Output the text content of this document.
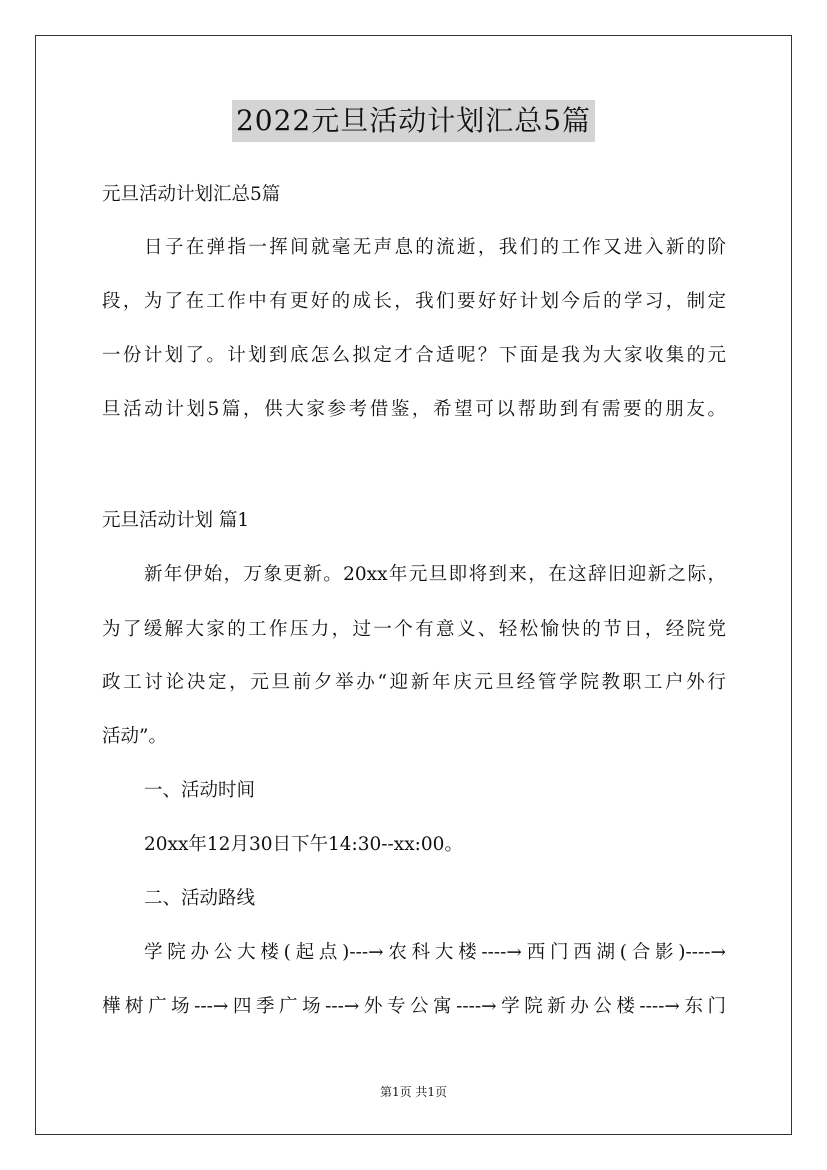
2022元旦活动计划汇总5篇
元旦活动计划汇总5篇
日子在弹指一挥间就毫无声息的流逝，我们的工作又进入新的阶
段，为了在工作中有更好的成长，我们要好好计划今后的学习，制定
一份计划了。计划到底怎么拟定才合适呢？下面是我为大家收集的元
旦活动计划5篇，供大家参考借鉴，希望可以帮助到有需要的朋友。
元旦活动计划 篇1
新年伊始，万象更新。20xx年元旦即将到来，在这辞旧迎新之际，
为了缓解大家的工作压力，过一个有意义、轻松愉快的节日，经院党
政工讨论决定，元旦前夕举办“迎新年庆元旦经管学院教职工户外行
活动”。
一、活动时间
20xx年12月30日下午14:30--xx:00。
二、活动路线
学院办公大楼(起点)---→农科大楼----→西门西湖(合影)----→
樺树广场---→四季广场---→外专公寓----→学院新办公楼----→东门
第1页 共1页
